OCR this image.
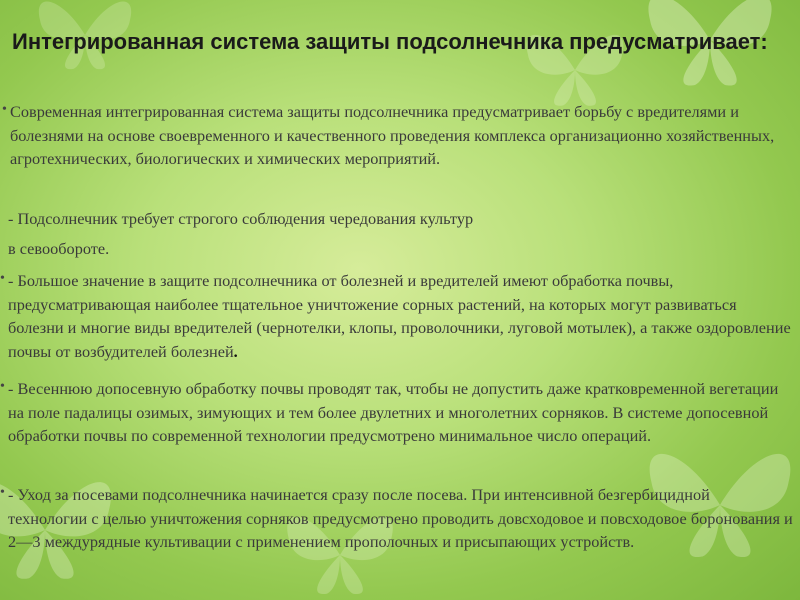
Интегрированная система защиты подсолнечника предусматривает:
• Современная интегрированная система защиты подсолнечника предусматривает борьбу с вредителями и болезнями на основе своевременного и качественного проведения комплекса организационно хозяйственных, агротехнических, биологических и химических мероприятий.

- Подсолнечник требует строгого соблюдения чередования культур

в севообороте.

• - Большое значение в защите подсолнечника от болезней и вредителей имеют обработка почвы, предусматривающая наиболее тщательное уничтожение сорных растений, на которых могут развиваться болезни и многие виды вредителей (чернотелки, клопы, проволочники, луговой мотылек), а также оздоровление почвы от возбудителей болезней.

• - Весеннюю допосевную обработку почвы проводят так, чтобы не допустить даже кратковременной вегетации на поле падалицы озимых, зимующих и тем более двулетних и многолетних сорняков. В системе допосевной обработки почвы по современной технологии предусмотрено минимальное число операций.

• - Уход за посевами подсолнечника начинается сразу после посева. При интенсивной безгербицидной технологии с целью уничтожения сорняков предусмотрено проводить довсходовое и повсходовое боронования и 2—3 междурядные культивации с применением прополочных и присыпающих устройств.
